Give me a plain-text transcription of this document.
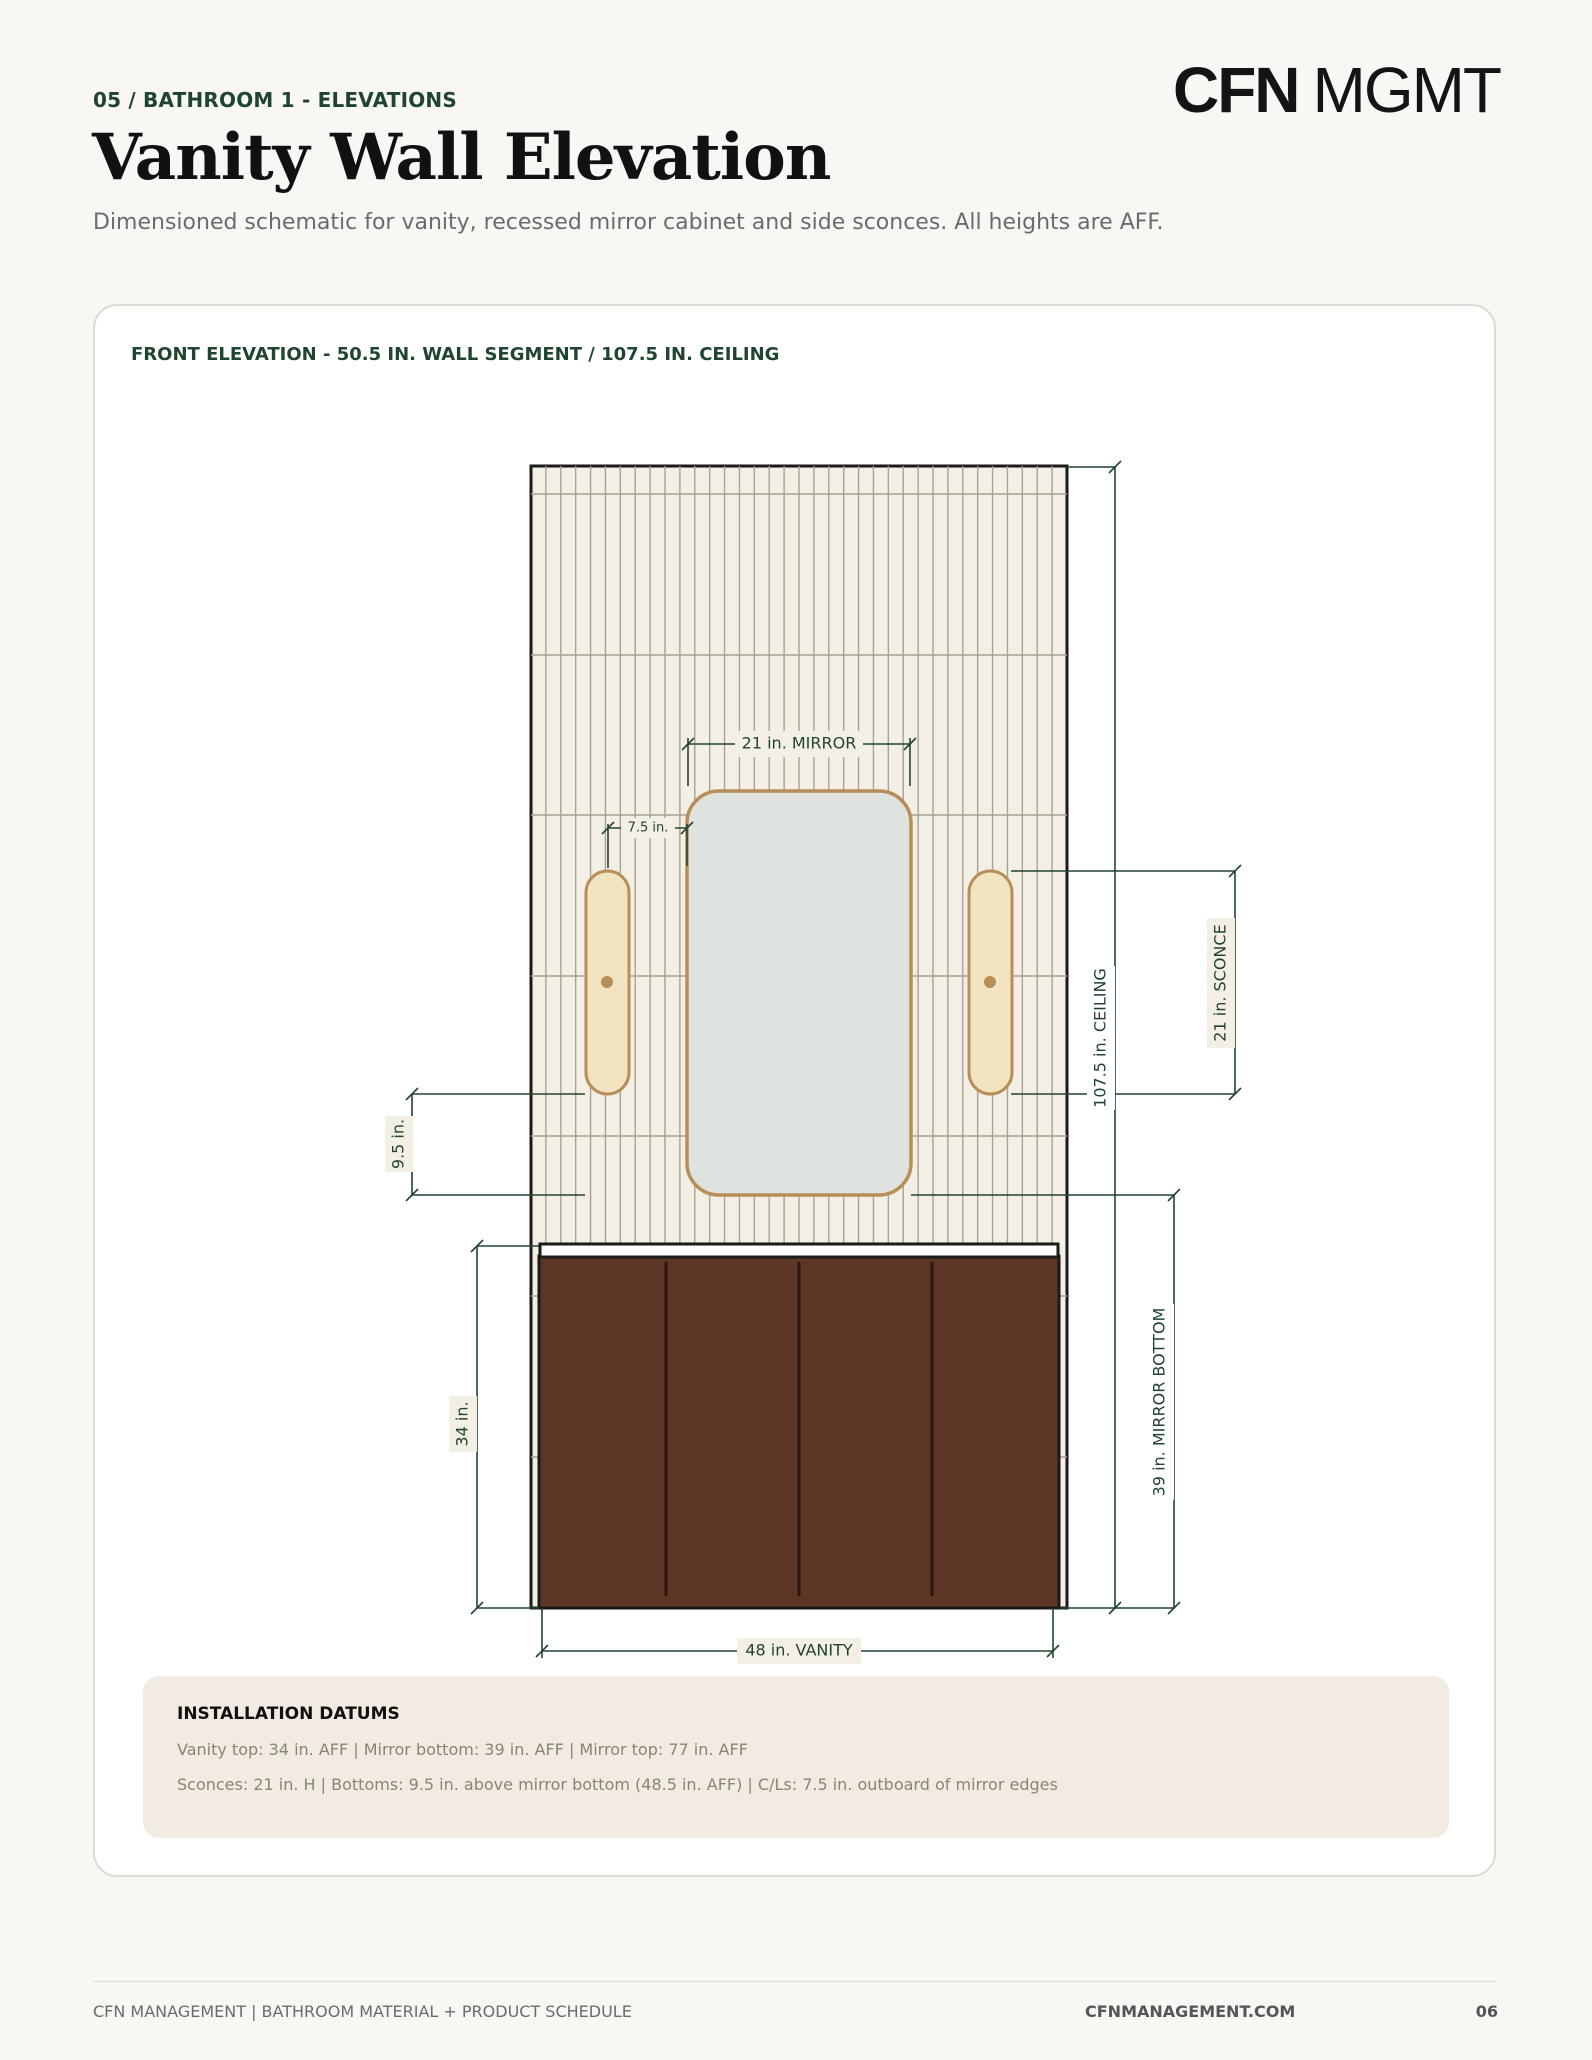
05 / BATHROOM 1 - ELEVATIONS	CFN MGMT
Vanity Wall Elevation
Dimensioned schematic for vanity, recessed mirror cabinet and side sconces. All heights are AFF.
FRONT ELEVATION - 50.5 IN. WALL SEGMENT / 107.5 IN. CEILING
21 in. MIRROR
7.5 in.
21 in. SCONCE
107.5 in. CEILING
9.5 in.
39 in. MIRROR BOTTOM
34 in.
48 in. VANITY
INSTALLATION DATUMS
Vanity top: 34 in. AFF | Mirror bottom: 39 in. AFF | Mirror top: 77 in. AFF
Sconces: 21 in. H | Bottoms: 9.5 in. above mirror bottom (48.5 in. AFF) | C/Ls: 7.5 in. outboard of mirror edges
CFN MANAGEMENT | BATHROOM MATERIAL + PRODUCT SCHEDULE	CFNMANAGEMENT.COM	06
